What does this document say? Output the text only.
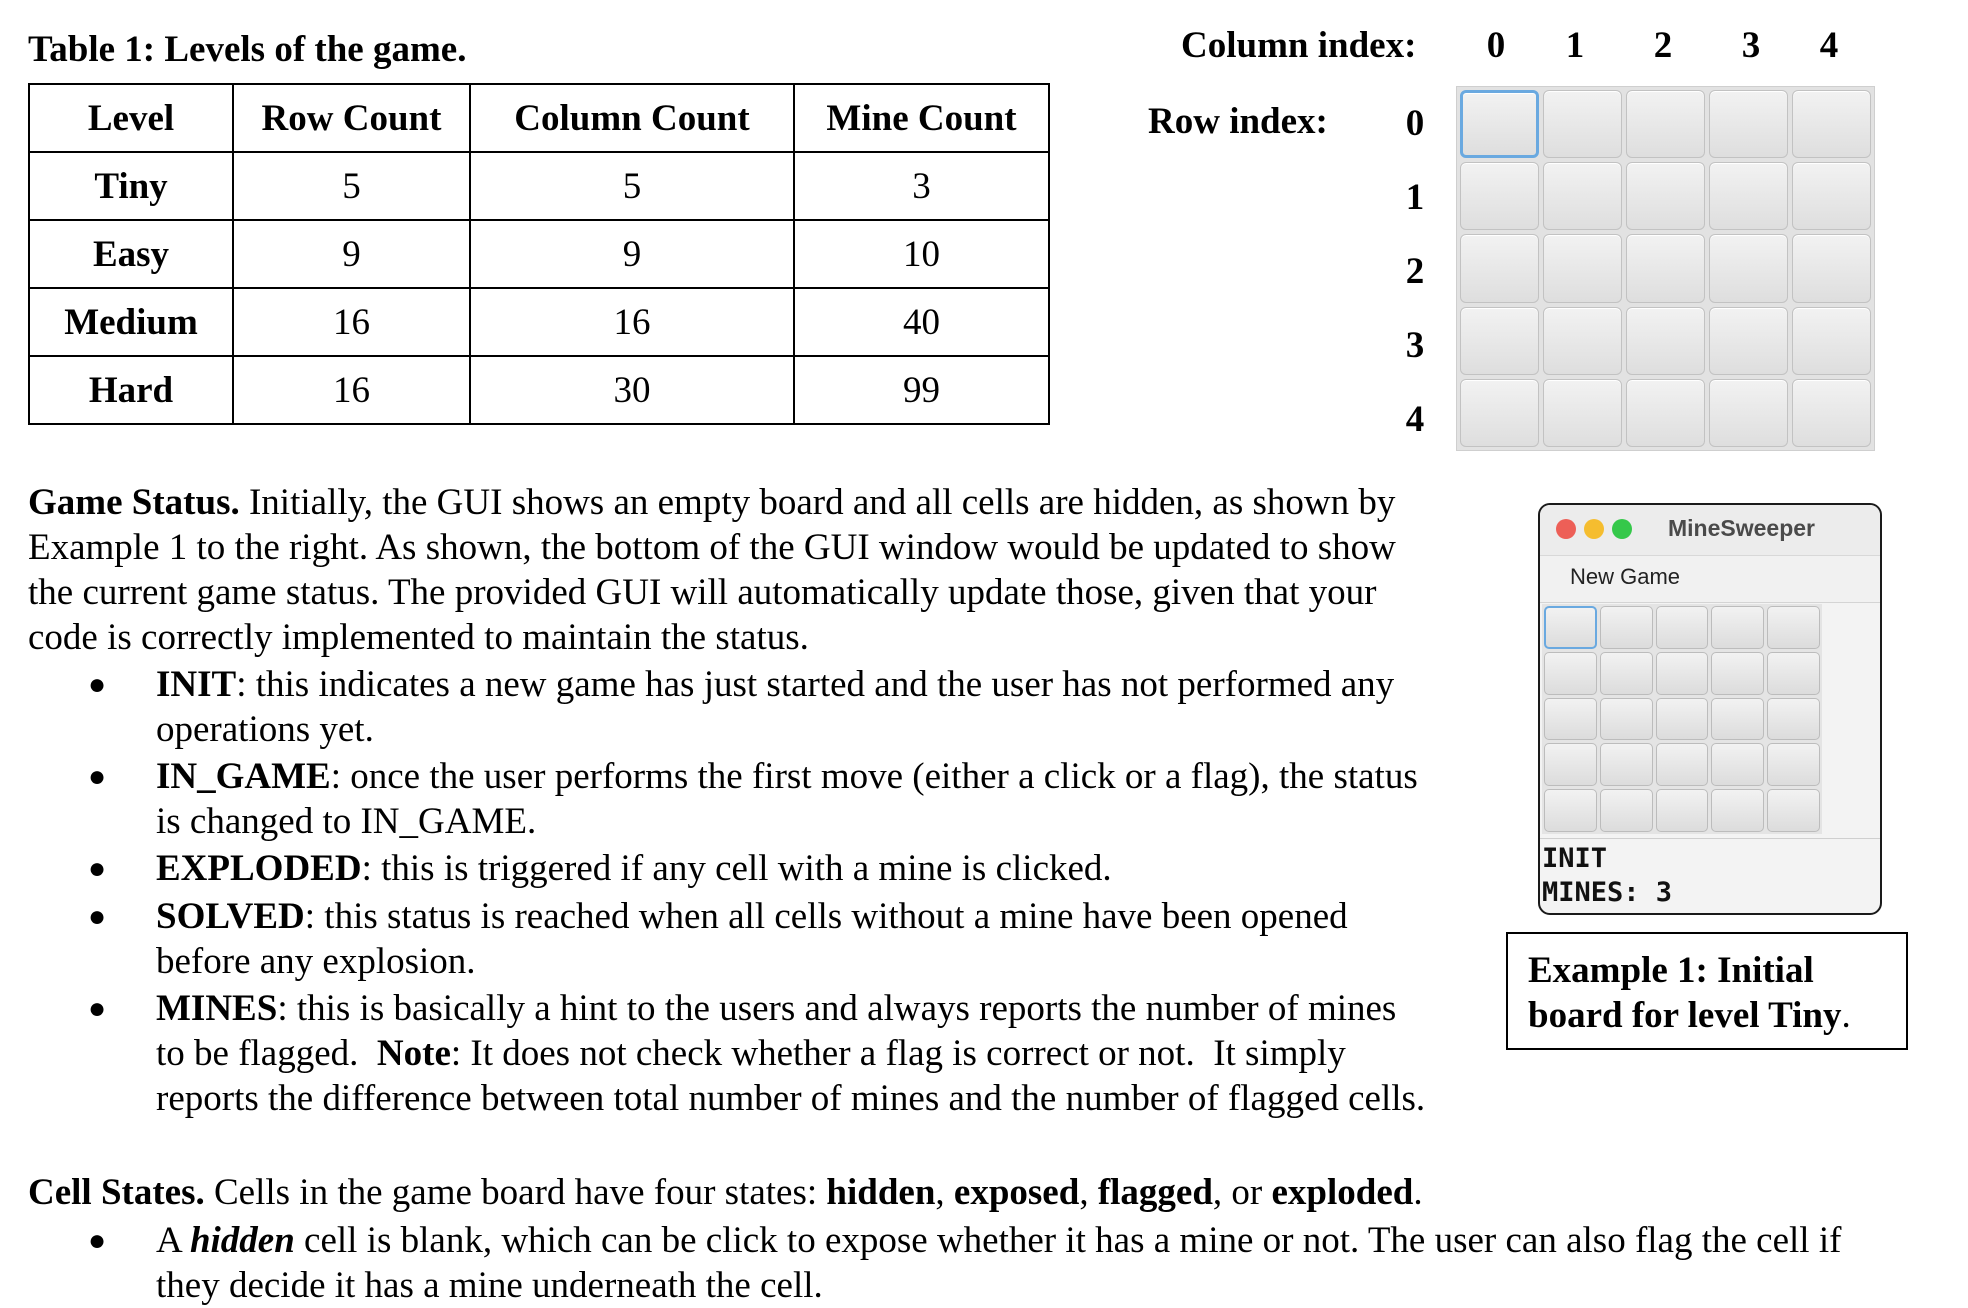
Table 1: Levels of the game.
Level	Row Count	Column Count	Mine Count
Tiny	5	5	3
Easy	9	9	10
Medium	16	16	40
Hard	16	30	99
Column index: 0 1 2 3 4
Row index: 0
1
2
3
4
Game Status. Initially, the GUI shows an empty board and all cells are hidden, as shown by
Example 1 to the right. As shown, the bottom of the GUI window would be updated to show
the current game status. The provided GUI will automatically update those, given that your
code is correctly implemented to maintain the status.
● INIT: this indicates a new game has just started and the user has not performed any
operations yet.
● IN_GAME: once the user performs the first move (either a click or a flag), the status
is changed to IN_GAME.
● EXPLODED: this is triggered if any cell with a mine is clicked.
● SOLVED: this status is reached when all cells without a mine have been opened
before any explosion.
● MINES: this is basically a hint to the users and always reports the number of mines
to be flagged.  Note: It does not check whether a flag is correct or not.  It simply
reports the difference between total number of mines and the number of flagged cells.
MineSweeper
New Game
INIT
MINES: 3
Example 1: Initial board for level Tiny.
Cell States. Cells in the game board have four states: hidden, exposed, flagged, or exploded.
● A hidden cell is blank, which can be click to expose whether it has a mine or not. The user can also flag the cell if
they decide it has a mine underneath the cell.
